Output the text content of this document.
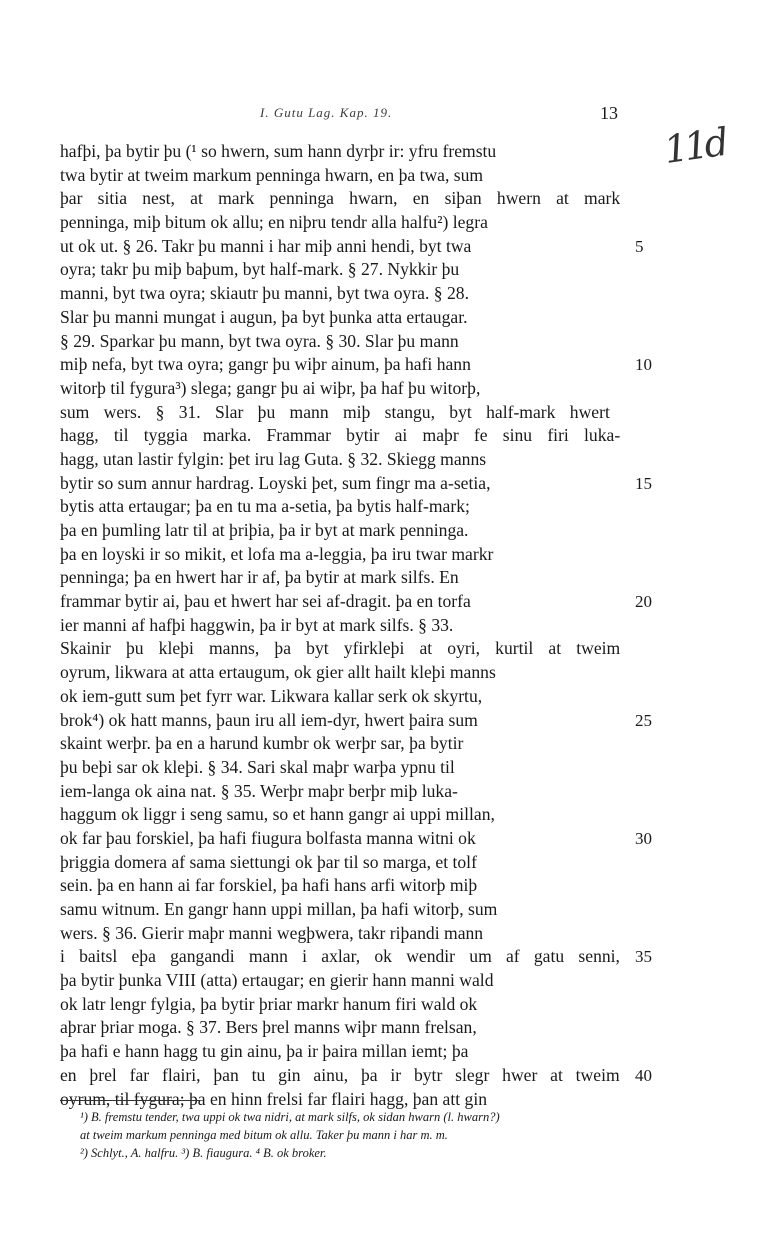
I. Gutu Lag. Kap. 19.	13
11d
hafþi, þa bytir þu (¹ so hwern, sum hann dyrþr ir: yfru fremstu
twa bytir at tweim markum penninga hwarn, en þa twa, sum
þar sitia nest, at mark penninga hwarn, en siþan hwern at mark
penninga, miþ bitum ok allu; en niþru tendr alla halfu²) legra
ut ok ut. § 26. Takr þu manni i har miþ anni hendi, byt twa	5
oyra; takr þu miþ baþum, byt half-mark. § 27. Nykkir þu
manni, byt twa oyra; skiautr þu manni, byt twa oyra. § 28.
Slar þu manni mungat i augun, þa byt þunka atta ertaugar.
§ 29. Sparkar þu mann, byt twa oyra. § 30. Slar þu mann
miþ nefa, byt twa oyra; gangr þu wiþr ainum, þa hafi hann	10
witorþ til fygura³) slega; gangr þu ai wiþr, þa haf þu witorþ,
sum wers. § 31. Slar þu mann miþ stangu, byt half-mark hwert
hagg, til tyggia marka. Frammar bytir ai maþr fe sinu firi luka-
hagg, utan lastir fylgin: þet iru lag Guta. § 32. Skiegg manns
bytir so sum annur hardrag. Loyski þet, sum fingr ma a-setia,	15
bytis atta ertaugar; þa en tu ma a-setia, þa bytis half-mark;
þa en þumling latr til at þriþia, þa ir byt at mark penninga.
þa en loyski ir so mikit, et lofa ma a-leggia, þa iru twar markr
penninga; þa en hwert har ir af, þa bytir at mark silfs. En
frammar bytir ai, þau et hwert har sei af-dragit. þa en torfa	20
ier manni af hafþi haggwin, þa ir byt at mark silfs. § 33.
Skainir þu kleþi manns, þa byt yfirkleþi at oyri, kurtil at tweim
oyrum, likwara at atta ertaugum, ok gier allt hailt kleþi manns
ok iem-gutt sum þet fyrr war. Likwara kallar serk ok skyrtu,
brok⁴) ok hatt manns, þaun iru all iem-dyr, hwert þaira sum	25
skaint werþr. þa en a harund kumbr ok werþr sar, þa bytir
þu beþi sar ok kleþi. § 34. Sari skal maþr warþa ypnu til
iem-langa ok aina nat. § 35. Werþr maþr berþr miþ luka-
haggum ok liggr i seng samu, so et hann gangr ai uppi millan,
ok far þau forskiel, þa hafi fiugura bolfasta manna witni ok	30
þriggia domera af sama siettungi ok þar til so marga, et tolf
sein. þa en hann ai far forskiel, þa hafi hans arfi witorþ miþ
samu witnum. En gangr hann uppi millan, þa hafi witorþ, sum
wers. § 36. Gierir maþr manni wegþwera, takr riþandi mann
i baitsl eþa gangandi mann i axlar, ok wendir um af gatu senni, 35
þa bytir þunka VIII (atta) ertaugar; en gierir hann manni wald
ok latr lengr fylgia, þa bytir þriar markr hanum firi wald ok
aþrar þriar moga. § 37. Bers þrel manns wiþr mann frelsan,
þa hafi e hann hagg tu gin ainu, þa ir þaira millan iemt; þa
en þrel far flairi, þan tu gin ainu, þa ir bytr slegr hwer at tweim 40
oyrum, til fygura; þa en hinn frelsi far flairi hagg, þan att gin
¹) B. fremstu tender, twa uppi ok twa nidri, at mark silfs, ok sidan hwarn (l. hwarn?)
at tweim markum penninga med bitum ok allu. Taker þu mann i har m. m.
²) Schlyt., A. halfru. ³) B. fiaugura. ⁴ B. ok broker.
